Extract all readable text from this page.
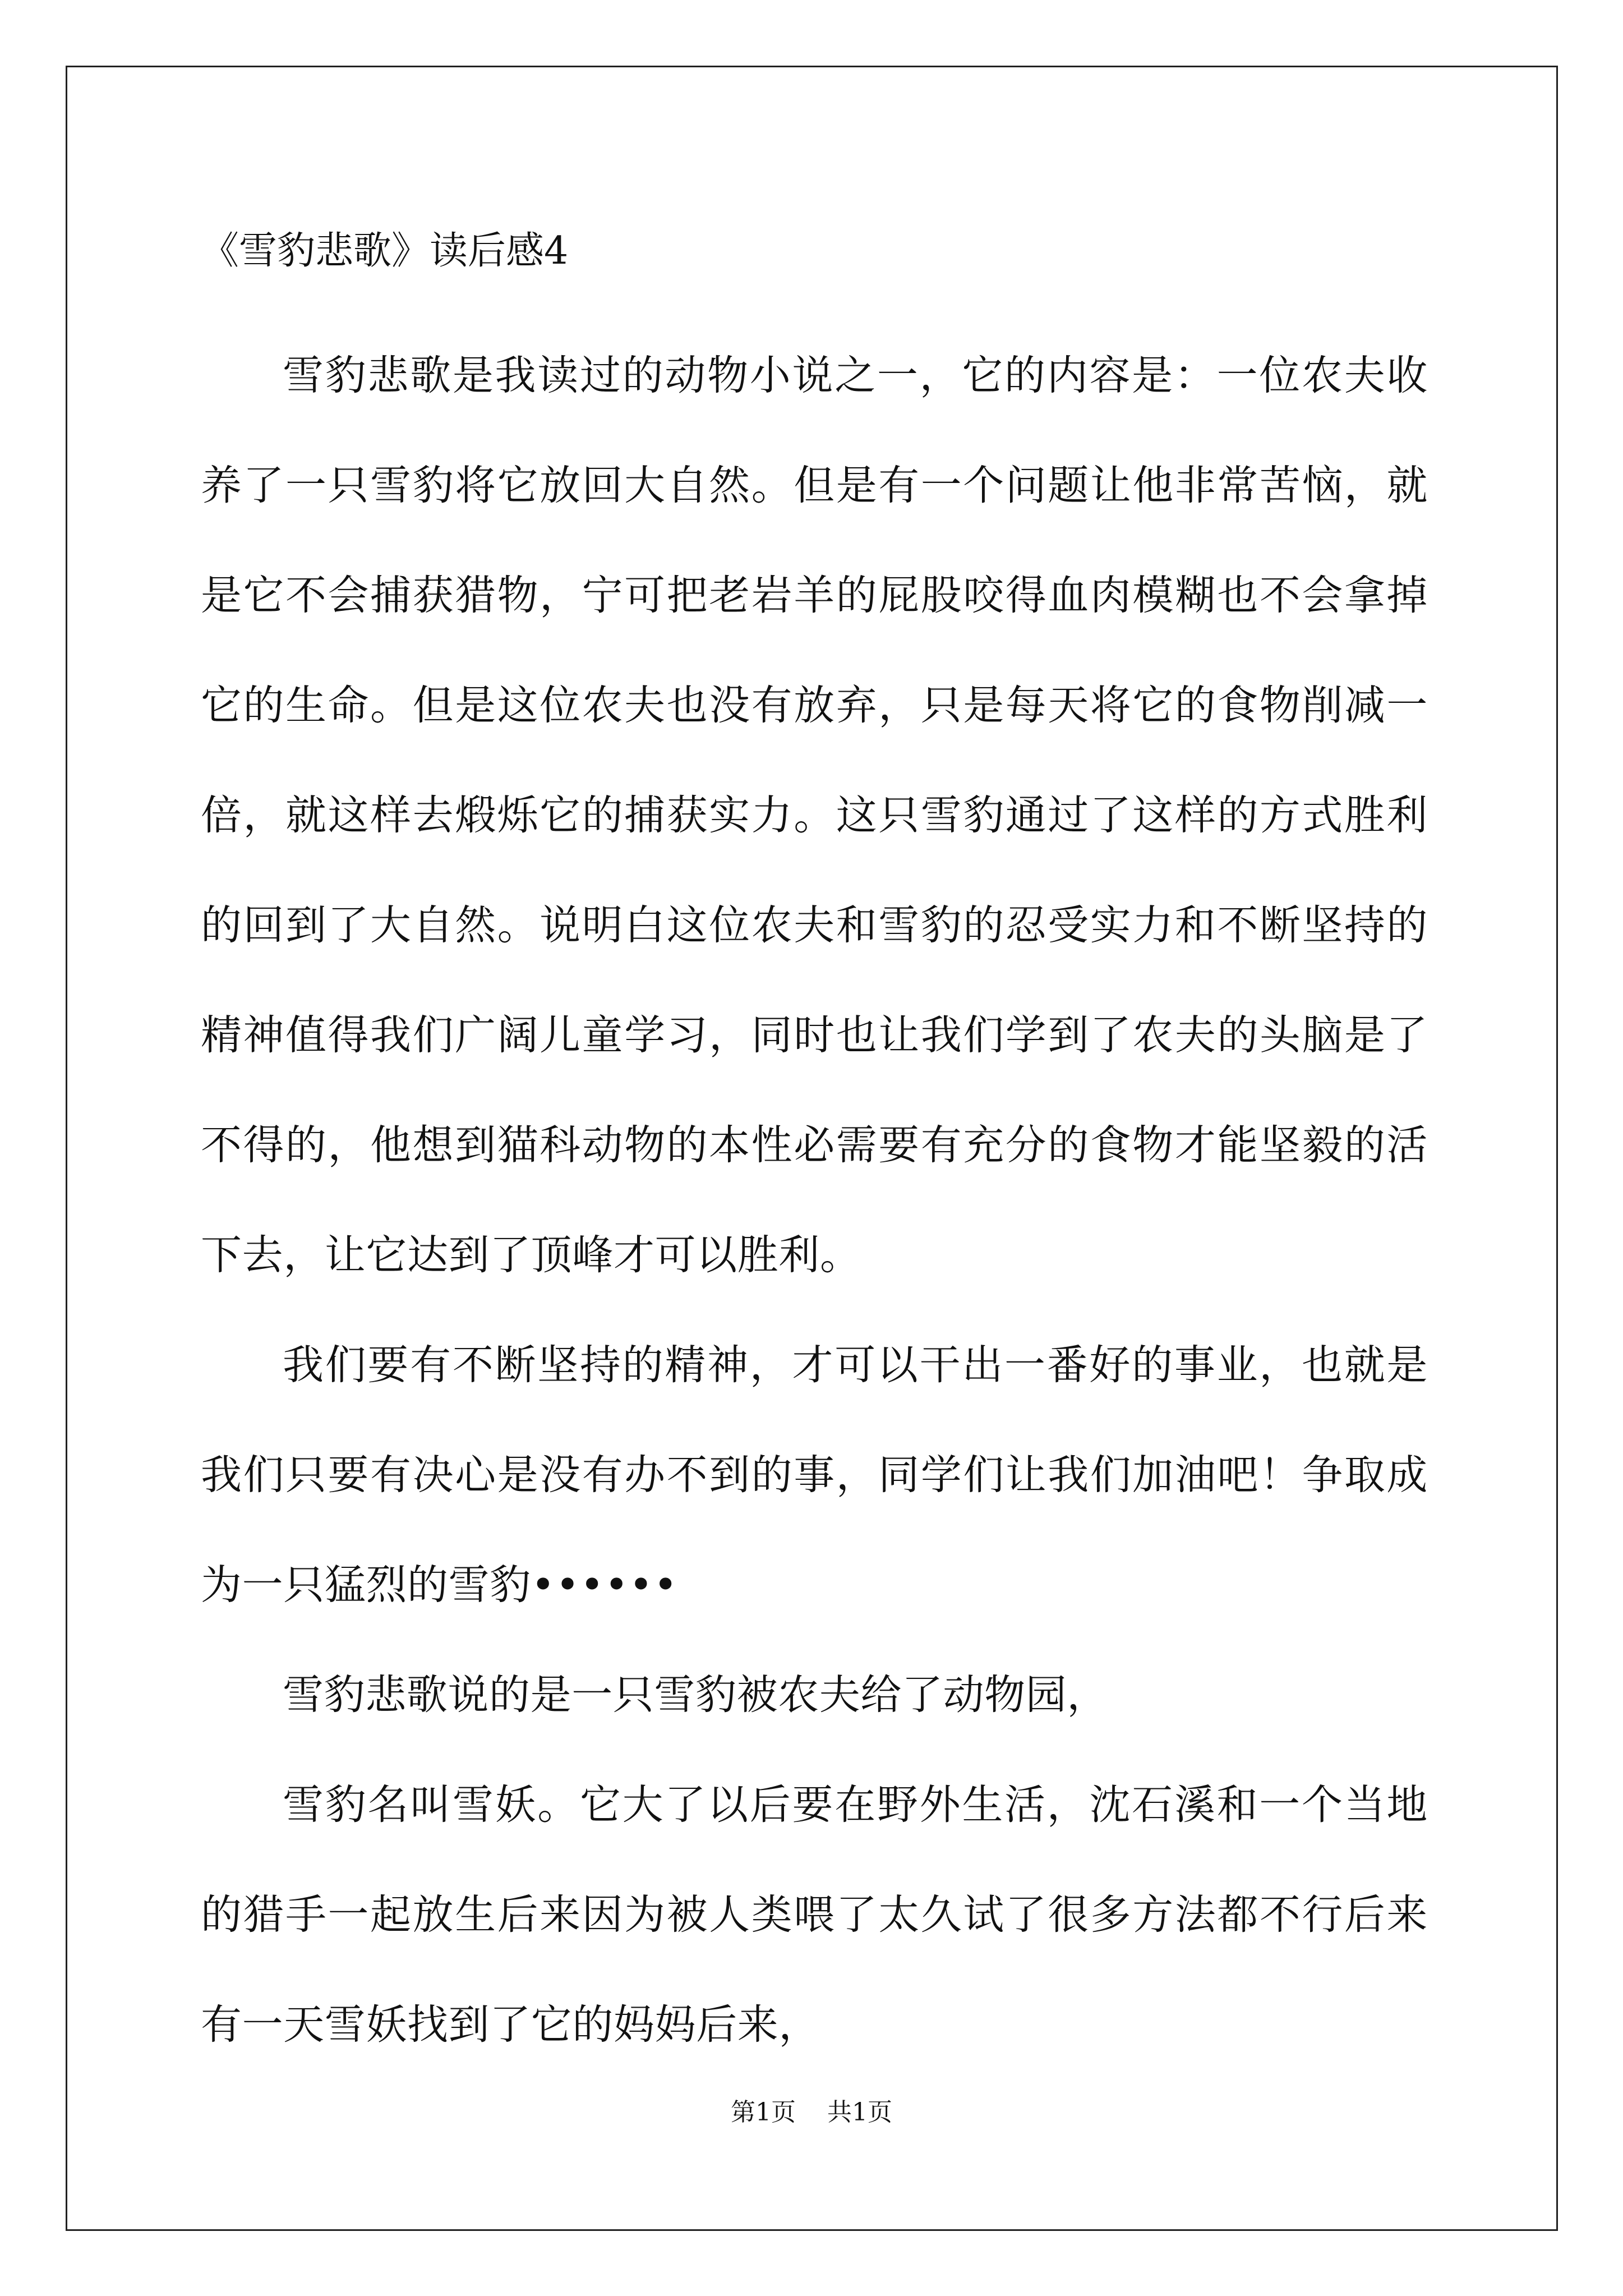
《雪豹悲歌》读后感4

雪豹悲歌是我读过的动物小说之一，它的内容是：一位农夫收养了一只雪豹将它放回大自然。但是有一个问题让他非常苦恼，就是它不会捕获猎物，宁可把老岩羊的屁股咬得血肉模糊也不会拿掉它的生命。但是这位农夫也没有放弃，只是每天将它的食物削减一倍，就这样去煅烁它的捕获实力。这只雪豹通过了这样的方式胜利的回到了大自然。说明白这位农夫和雪豹的忍受实力和不断坚持的精神值得我们广阔儿童学习，同时也让我们学到了农夫的头脑是了不得的，他想到猫科动物的本性必需要有充分的食物才能坚毅的活下去，让它达到了顶峰才可以胜利。

我们要有不断坚持的精神，才可以干出一番好的事业，也就是我们只要有决心是没有办不到的事，同学们让我们加油吧！争取成为一只猛烈的雪豹••••••

雪豹悲歌说的是一只雪豹被农夫给了动物园，

雪豹名叫雪妖。它大了以后要在野外生活，沈石溪和一个当地的猎手一起放生后来因为被人类喂了太久试了很多方法都不行后来有一天雪妖找到了它的妈妈后来，

第1页    共1页
